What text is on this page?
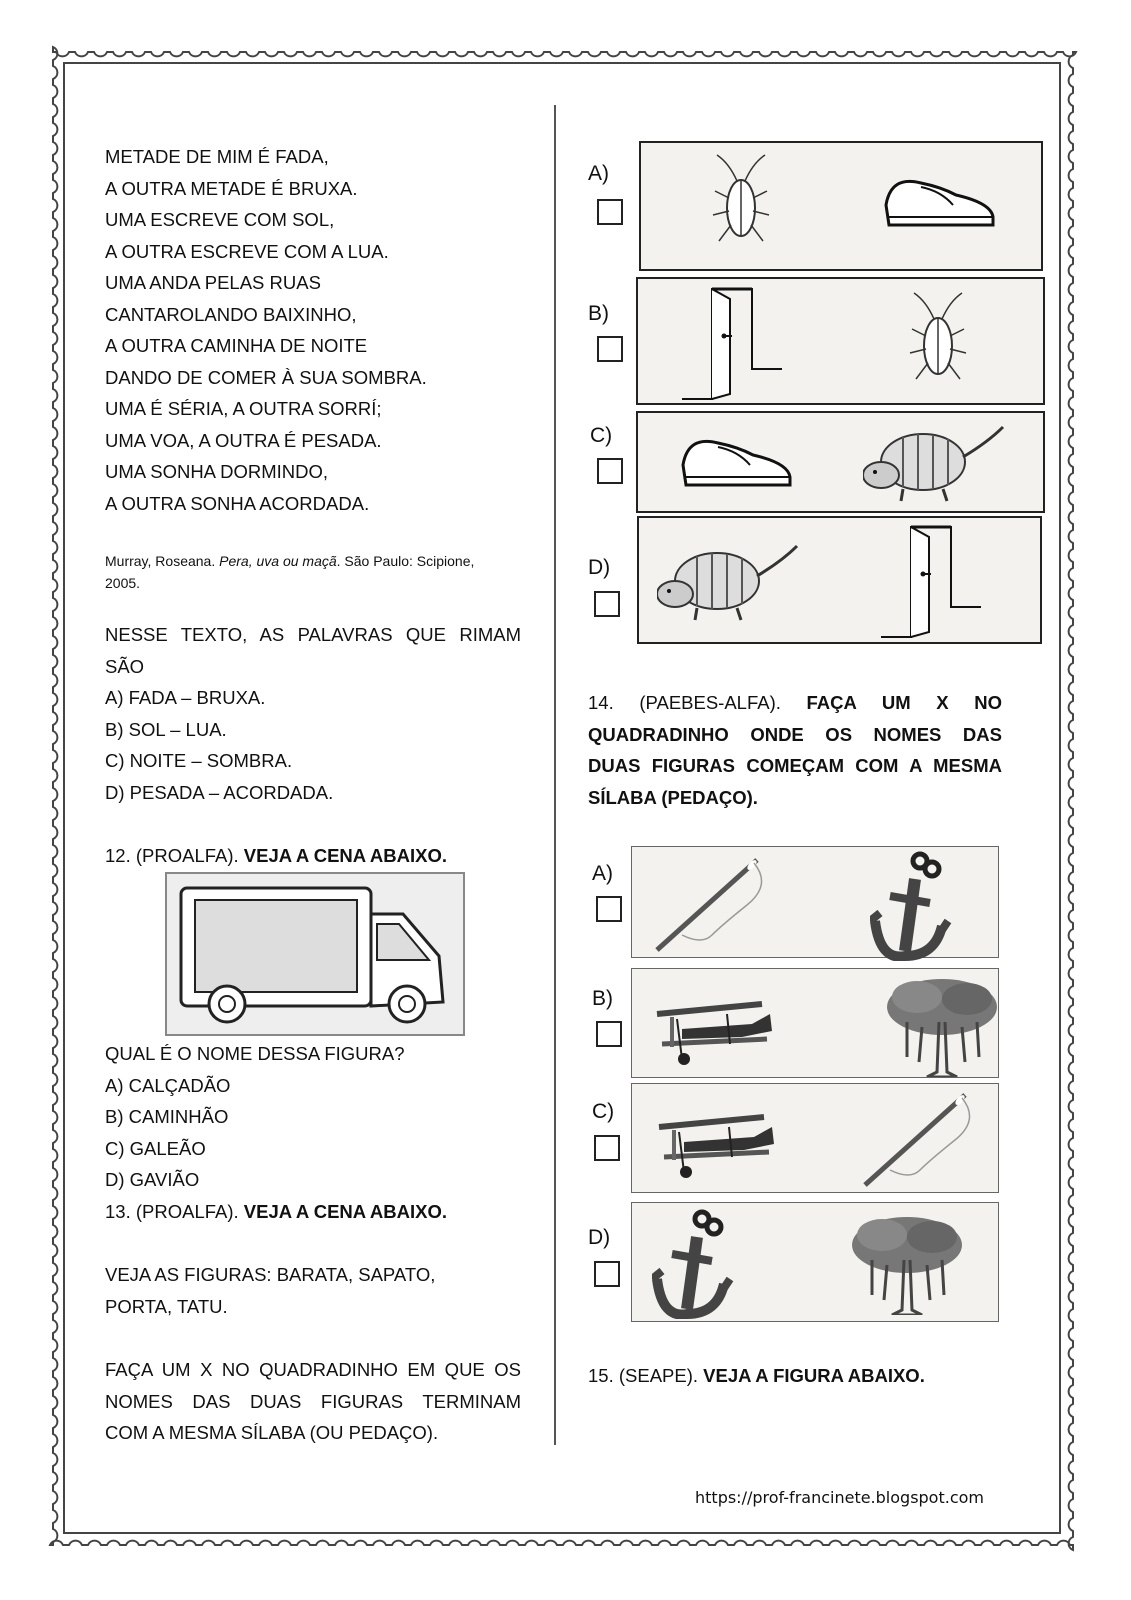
METADE DE MIM É FADA,
A OUTRA METADE É BRUXA.
UMA ESCREVE COM SOL,
A OUTRA ESCREVE COM A LUA.
UMA ANDA PELAS RUAS
CANTAROLANDO BAIXINHO,
A OUTRA CAMINHA DE NOITE
DANDO DE COMER À SUA SOMBRA.
UMA É SÉRIA, A OUTRA SORRÍ;
UMA VOA, A OUTRA É PESADA.
UMA SONHA DORMINDO,
A OUTRA SONHA ACORDADA.
Murray, Roseana. Pera, uva ou maçã. São Paulo: Scipione,
2005.
NESSE TEXTO, AS PALAVRAS QUE RIMAM
SÃO
A) FADA – BRUXA.
B) SOL – LUA.
C) NOITE – SOMBRA.
D) PESADA – ACORDADA.
12. (PROALFA). VEJA A CENA ABAIXO.
QUAL É O NOME DESSA FIGURA?
A) CALÇADÃO
B) CAMINHÃO
C) GALEÃO
D) GAVIÃO
13. (PROALFA). VEJA A CENA ABAIXO.
VEJA AS FIGURAS: BARATA, SAPATO,
PORTA, TATU.
FAÇA UM X NO QUADRADINHO EM QUE OS
NOMES DAS DUAS FIGURAS TERMINAM
COM A MESMA SÍLABA (OU PEDAÇO).
A)
B)
C)
D)
14. (PAEBES-ALFA). FAÇA UM X NO
QUADRADINHO ONDE OS NOMES DAS
DUAS FIGURAS COMEÇAM COM A MESMA
SÍLABA (PEDAÇO).
A)
B)
C)
D)
15. (SEAPE). VEJA A FIGURA ABAIXO.
https://prof-francinete.blogspot.com
